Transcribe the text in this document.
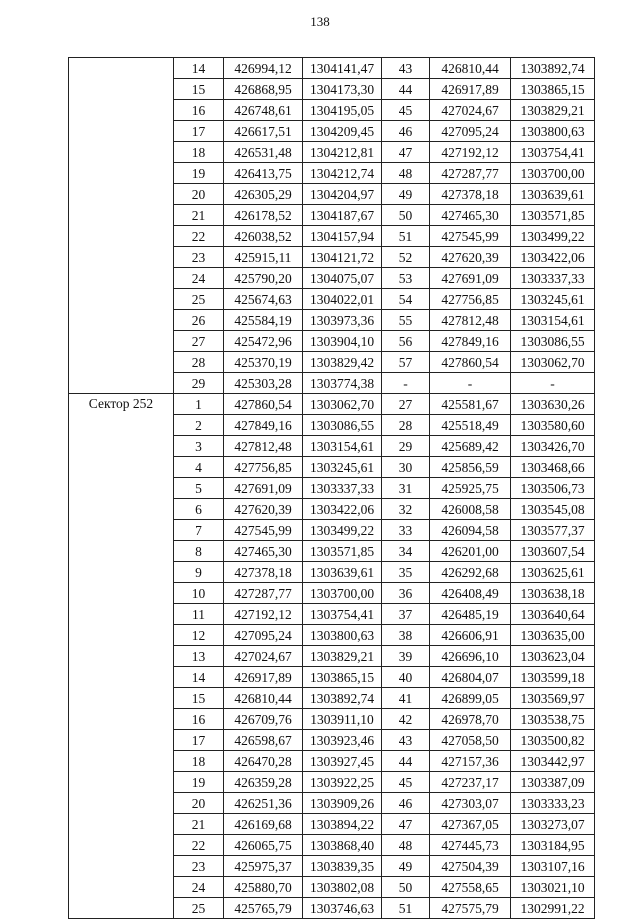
138
	14	426994,12	1304141,47	43	426810,44	1303892,74
	15	426868,95	1304173,30	44	426917,89	1303865,15
	16	426748,61	1304195,05	45	427024,67	1303829,21
	17	426617,51	1304209,45	46	427095,24	1303800,63
	18	426531,48	1304212,81	47	427192,12	1303754,41
	19	426413,75	1304212,74	48	427287,77	1303700,00
	20	426305,29	1304204,97	49	427378,18	1303639,61
	21	426178,52	1304187,67	50	427465,30	1303571,85
	22	426038,52	1304157,94	51	427545,99	1303499,22
	23	425915,11	1304121,72	52	427620,39	1303422,06
	24	425790,20	1304075,07	53	427691,09	1303337,33
	25	425674,63	1304022,01	54	427756,85	1303245,61
	26	425584,19	1303973,36	55	427812,48	1303154,61
	27	425472,96	1303904,10	56	427849,16	1303086,55
	28	425370,19	1303829,42	57	427860,54	1303062,70
	29	425303,28	1303774,38	-	-	-
Сектор 252	1	427860,54	1303062,70	27	425581,67	1303630,26
	2	427849,16	1303086,55	28	425518,49	1303580,60
	3	427812,48	1303154,61	29	425689,42	1303426,70
	4	427756,85	1303245,61	30	425856,59	1303468,66
	5	427691,09	1303337,33	31	425925,75	1303506,73
	6	427620,39	1303422,06	32	426008,58	1303545,08
	7	427545,99	1303499,22	33	426094,58	1303577,37
	8	427465,30	1303571,85	34	426201,00	1303607,54
	9	427378,18	1303639,61	35	426292,68	1303625,61
	10	427287,77	1303700,00	36	426408,49	1303638,18
	11	427192,12	1303754,41	37	426485,19	1303640,64
	12	427095,24	1303800,63	38	426606,91	1303635,00
	13	427024,67	1303829,21	39	426696,10	1303623,04
	14	426917,89	1303865,15	40	426804,07	1303599,18
	15	426810,44	1303892,74	41	426899,05	1303569,97
	16	426709,76	1303911,10	42	426978,70	1303538,75
	17	426598,67	1303923,46	43	427058,50	1303500,82
	18	426470,28	1303927,45	44	427157,36	1303442,97
	19	426359,28	1303922,25	45	427237,17	1303387,09
	20	426251,36	1303909,26	46	427303,07	1303333,23
	21	426169,68	1303894,22	47	427367,05	1303273,07
	22	426065,75	1303868,40	48	427445,73	1303184,95
	23	425975,37	1303839,35	49	427504,39	1303107,16
	24	425880,70	1303802,08	50	427558,65	1303021,10
	25	425765,79	1303746,63	51	427575,79	1302991,22
